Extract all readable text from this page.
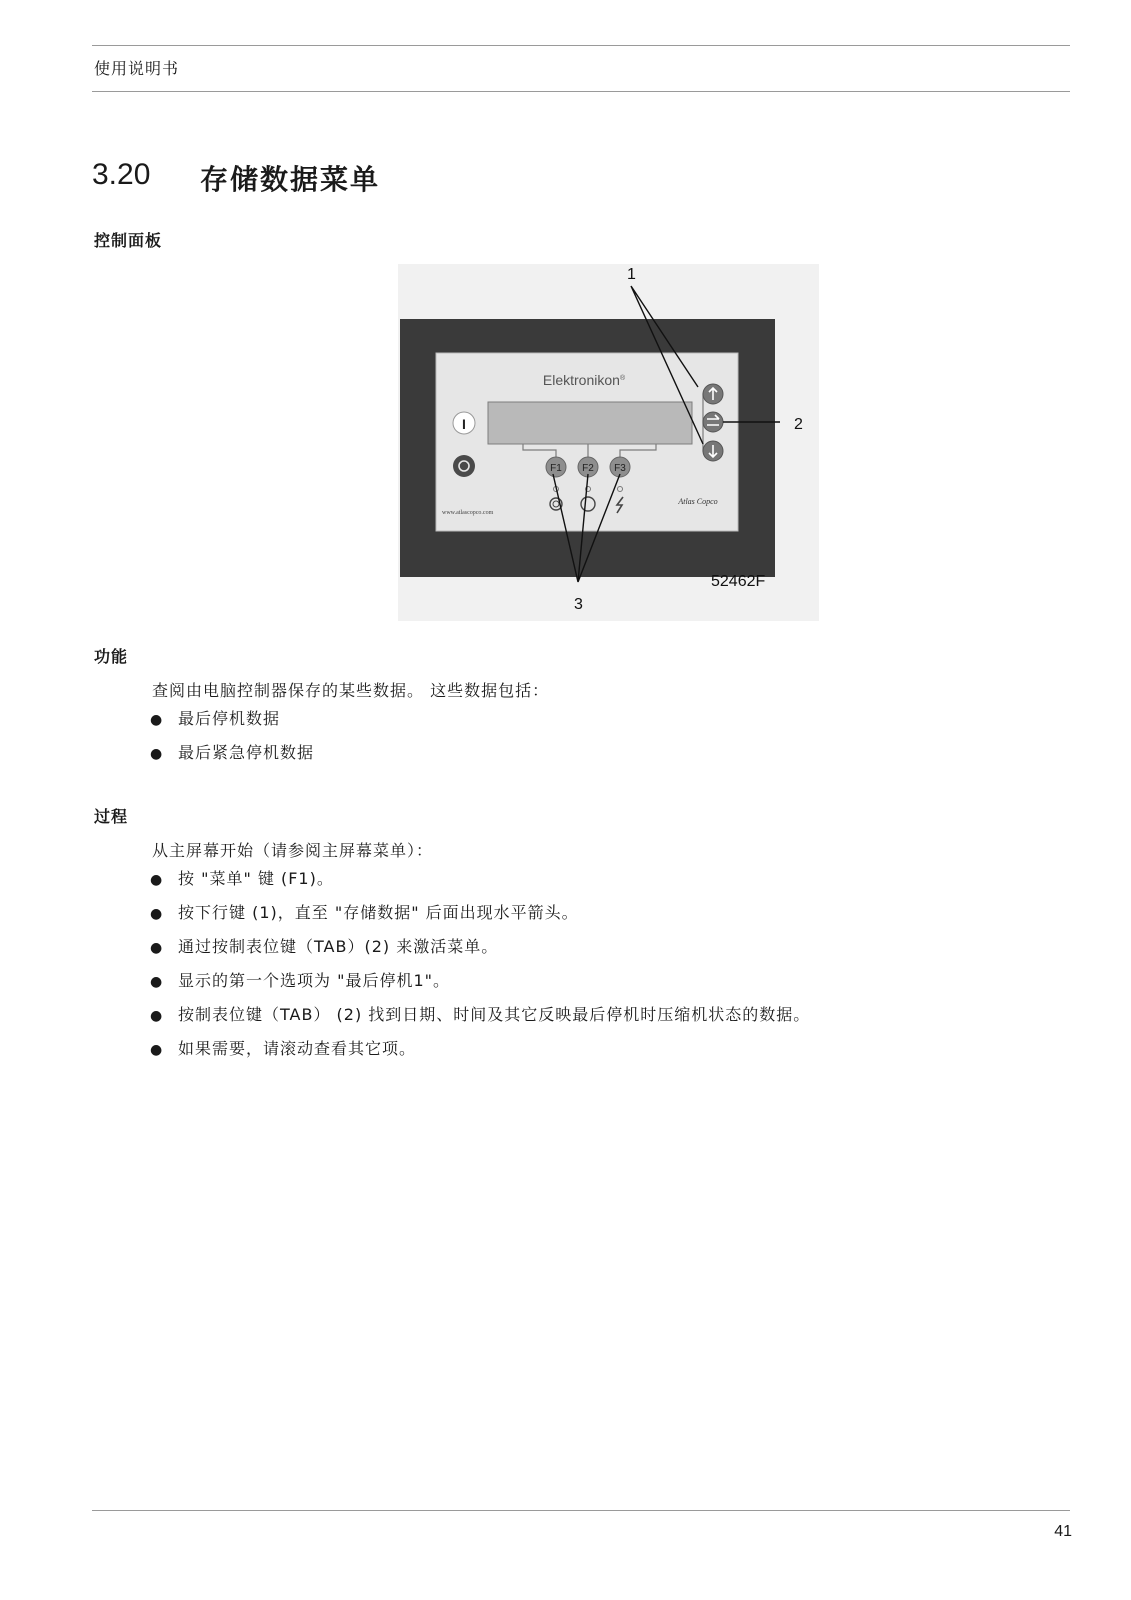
使用说明书
3.20 存储数据菜单
控制面板
Elektronikon®
I
F1 F2 F3
www.atlascopco.com
Atlas Copco
1
2
3
52462F
功能
查阅由电脑控制器保存的某些数据。 这些数据包括：
● 最后停机数据
● 最后紧急停机数据
过程
从主屏幕开始（请参阅主屏幕菜单）：
● 按 "菜单" 键 (F1)。
● 按下行键 (1)，直至 "存储数据" 后面出现水平箭头。
● 通过按制表位键（TAB）(2) 来激活菜单。
● 显示的第一个选项为 "最后停机1"。
● 按制表位键（TAB） (2) 找到日期、时间及其它反映最后停机时压缩机状态的数据。
● 如果需要，请滚动查看其它项。
41
